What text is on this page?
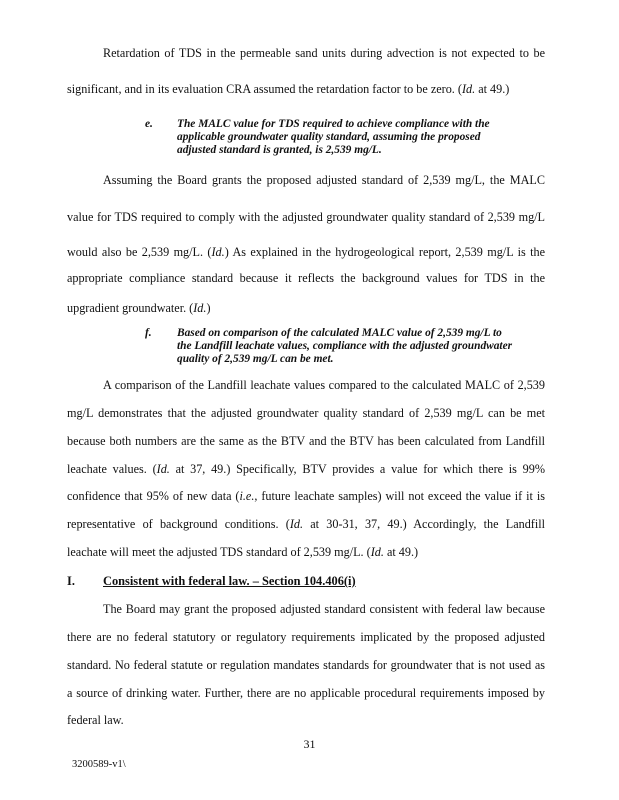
Retardation of TDS in the permeable sand units during advection is not expected to be
significant, and in its evaluation CRA assumed the retardation factor to be zero. (Id. at 49.)
e. The MALC value for TDS required to achieve compliance with the
applicable groundwater quality standard, assuming the proposed
adjusted standard is granted, is 2,539 mg/L.
Assuming the Board grants the proposed adjusted standard of 2,539 mg/L, the MALC
value for TDS required to comply with the adjusted groundwater quality standard of 2,539 mg/L
would also be 2,539 mg/L. (Id.) As explained in the hydrogeological report, 2,539 mg/L is the
appropriate compliance standard because it reflects the background values for TDS in the
upgradient groundwater. (Id.)
f. Based on comparison of the calculated MALC value of 2,539 mg/L to
the Landfill leachate values, compliance with the adjusted groundwater
quality of 2,539 mg/L can be met.
A comparison of the Landfill leachate values compared to the calculated MALC of 2,539
mg/L demonstrates that the adjusted groundwater quality standard of 2,539 mg/L can be met
because both numbers are the same as the BTV and the BTV has been calculated from Landfill
leachate values. (Id. at 37, 49.) Specifically, BTV provides a value for which there is 99%
confidence that 95% of new data (i.e., future leachate samples) will not exceed the value if it is
representative of background conditions. (Id. at 30-31, 37, 49.) Accordingly, the Landfill
leachate will meet the adjusted TDS standard of 2,539 mg/L. (Id. at 49.)
I. Consistent with federal law. – Section 104.406(i)
The Board may grant the proposed adjusted standard consistent with federal law because
there are no federal statutory or regulatory requirements implicated by the proposed adjusted
standard. No federal statute or regulation mandates standards for groundwater that is not used as
a source of drinking water. Further, there are no applicable procedural requirements imposed by
federal law.
31
3200589-v1\
